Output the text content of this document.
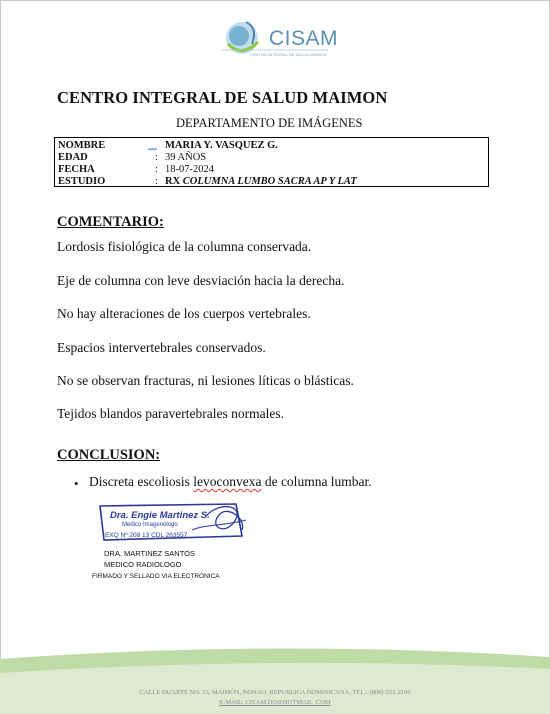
CISAM
CENTRO INTEGRAL DE SALUD MAIMON
CENTRO INTEGRAL DE SALUD MAIMON
DEPARTAMENTO DE IMÁGENES
NOMBRE	MARIA Y. VASQUEZ G.
EDAD	: 39 AÑOS
FECHA	: 18-07-2024
ESTUDIO	: RX COLUMNA LUMBO SACRA AP Y LAT
COMENTARIO:
Lordosis fisiológica de la columna conservada.
Eje de columna con leve desviación hacia la derecha.
No hay alteraciones de los cuerpos vertebrales.
Espacios intervertebrales conservados.
No se observan fracturas, ni lesiones líticas o blásticas.
Tejidos blandos paravertebrales normales.
CONCLUSION:
• Discreta escoliosis levoconvexa de columna lumbar.
Dra. Engie Martinez S.
Medico Imagenólogo
EXQ Nº 208 13 CDL 263557
DRA. MARTINEZ SANTOS
MEDICO RADIOLOGO
FIRMADO Y SELLADO VIA ELECTRONICA
CALLE DUARTE NO. 13, MAIMÓN, BONAO, REPUBLICA DOMINICANA, TEL.: (809)-551-2196
E-MAIL: CISAM.DO@HOTMAIL .COM
